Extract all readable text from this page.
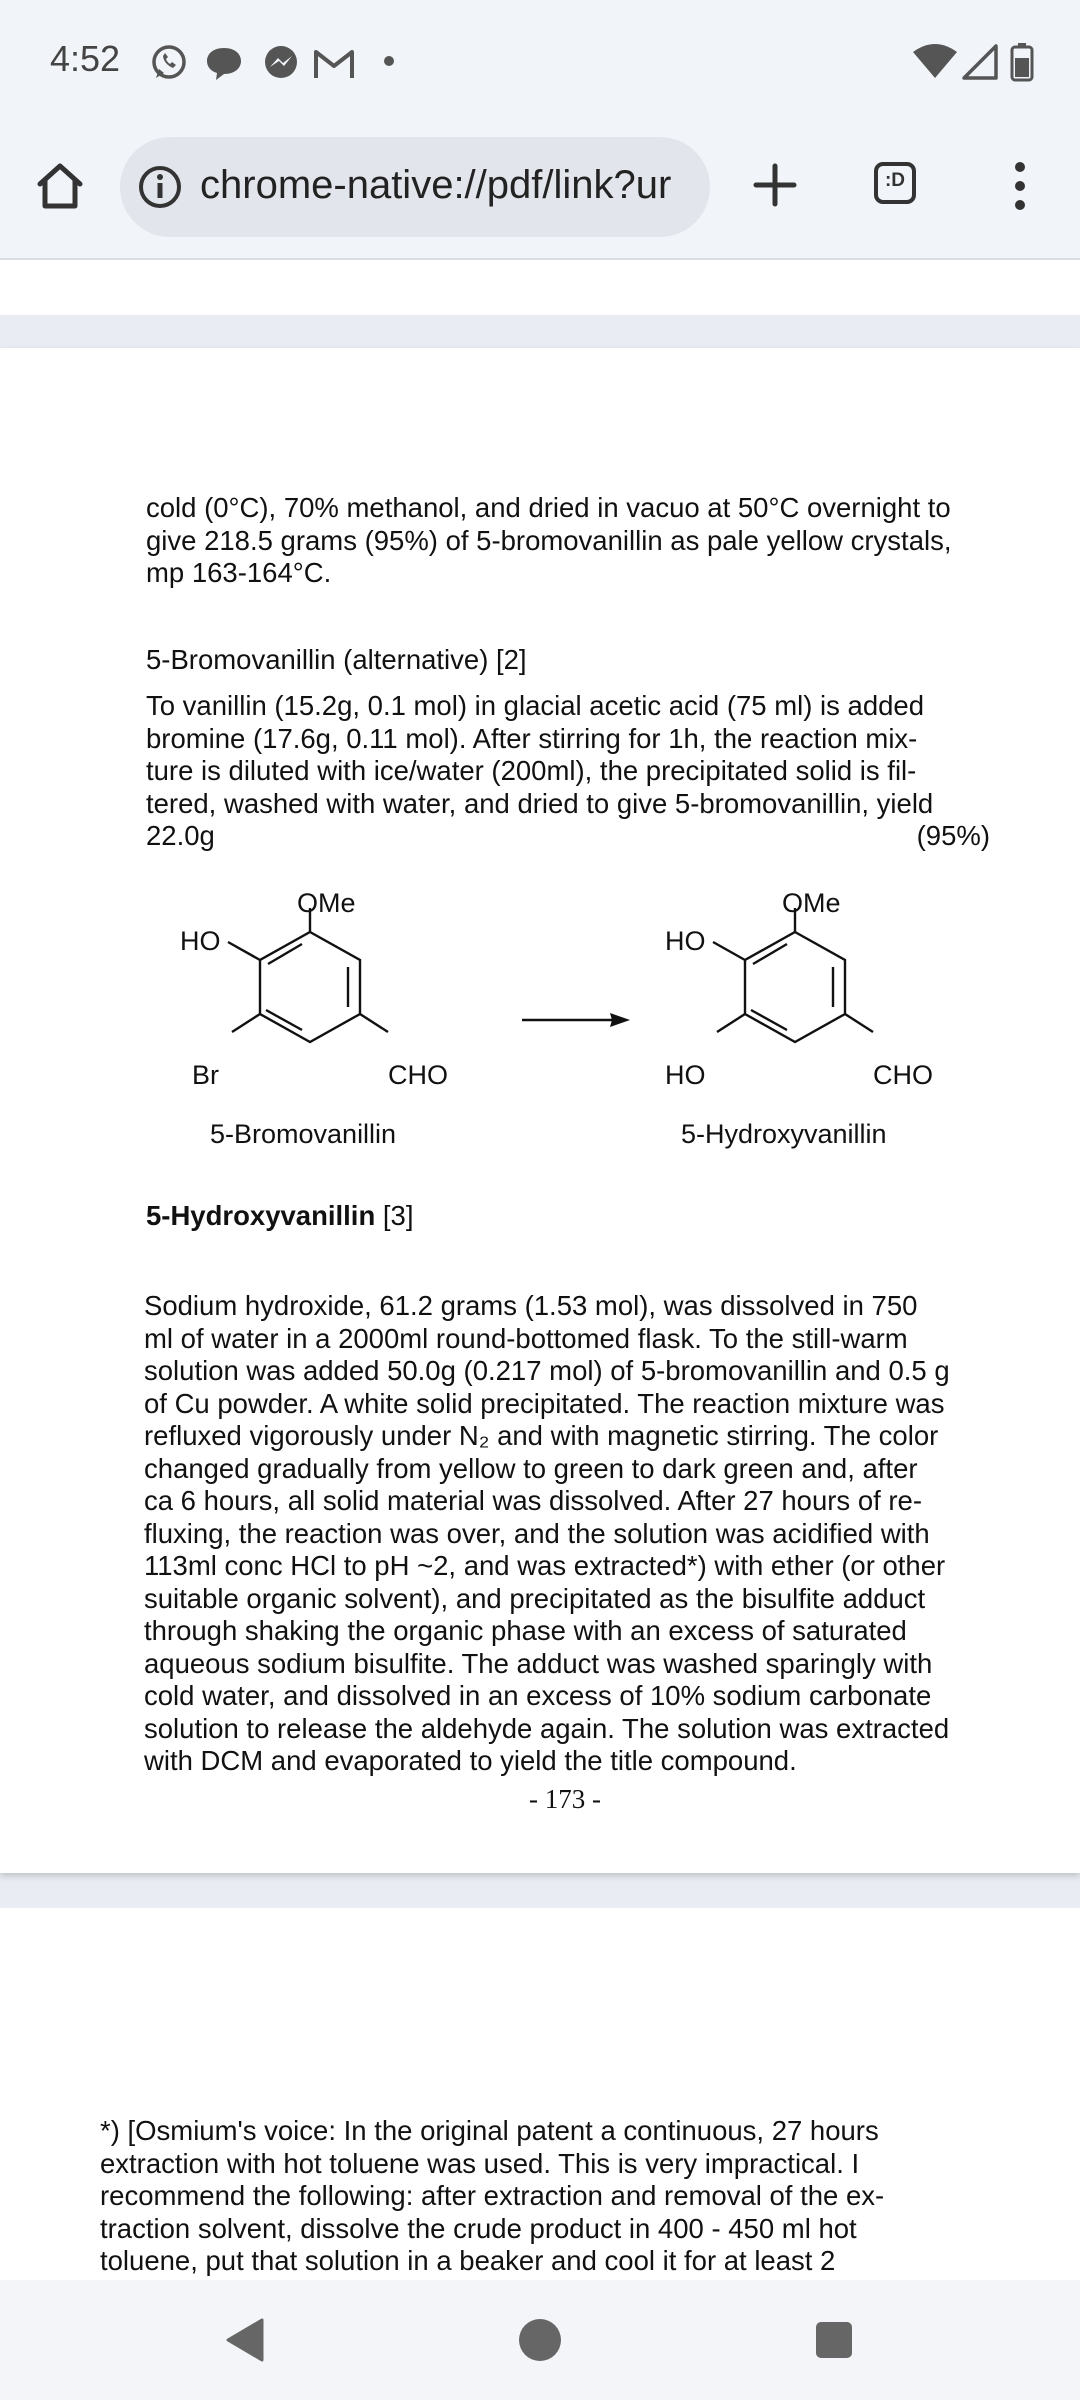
4:52
chrome-native://pdf/link?ur	:D
cold (0°C), 70% methanol, and dried in vacuo at 50°C overnight to
give 218.5 grams (95%) of 5-bromovanillin as pale yellow crystals,
mp 163-164°C.
5-Bromovanillin (alternative) [2]
To vanillin (15.2g, 0.1 mol) in glacial acetic acid (75 ml) is added
bromine (17.6g, 0.11 mol). After stirring for 1h, the reaction mix-
ture is diluted with ice/water (200ml), the precipitated solid is fil-
tered, washed with water, and dried to give 5-bromovanillin, yield
22.0g	(95%)
OMe
HO
Br	CHO
5-Bromovanillin
OMe
HO
HO	CHO
5-Hydroxyvanillin
5-Hydroxyvanillin [3]
Sodium hydroxide, 61.2 grams (1.53 mol), was dissolved in 750
ml of water in a 2000ml round-bottomed flask. To the still-warm
solution was added 50.0g (0.217 mol) of 5-bromovanillin and 0.5 g
of Cu powder. A white solid precipitated. The reaction mixture was
refluxed vigorously under N₂ and with magnetic stirring. The color
changed gradually from yellow to green to dark green and, after
ca 6 hours, all solid material was dissolved. After 27 hours of re-
fluxing, the reaction was over, and the solution was acidified with
113ml conc HCl to pH ~2, and was extracted*) with ether (or other
suitable organic solvent), and precipitated as the bisulfite adduct
through shaking the organic phase with an excess of saturated
aqueous sodium bisulfite. The adduct was washed sparingly with
cold water, and dissolved in an excess of 10% sodium carbonate
solution to release the aldehyde again. The solution was extracted
with DCM and evaporated to yield the title compound.
- 173 -
*) [Osmium's voice: In the original patent a continuous, 27 hours
extraction with hot toluene was used. This is very impractical. I
recommend the following: after extraction and removal of the ex-
traction solvent, dissolve the crude product in 400 - 450 ml hot
toluene, put that solution in a beaker and cool it for at least 2
